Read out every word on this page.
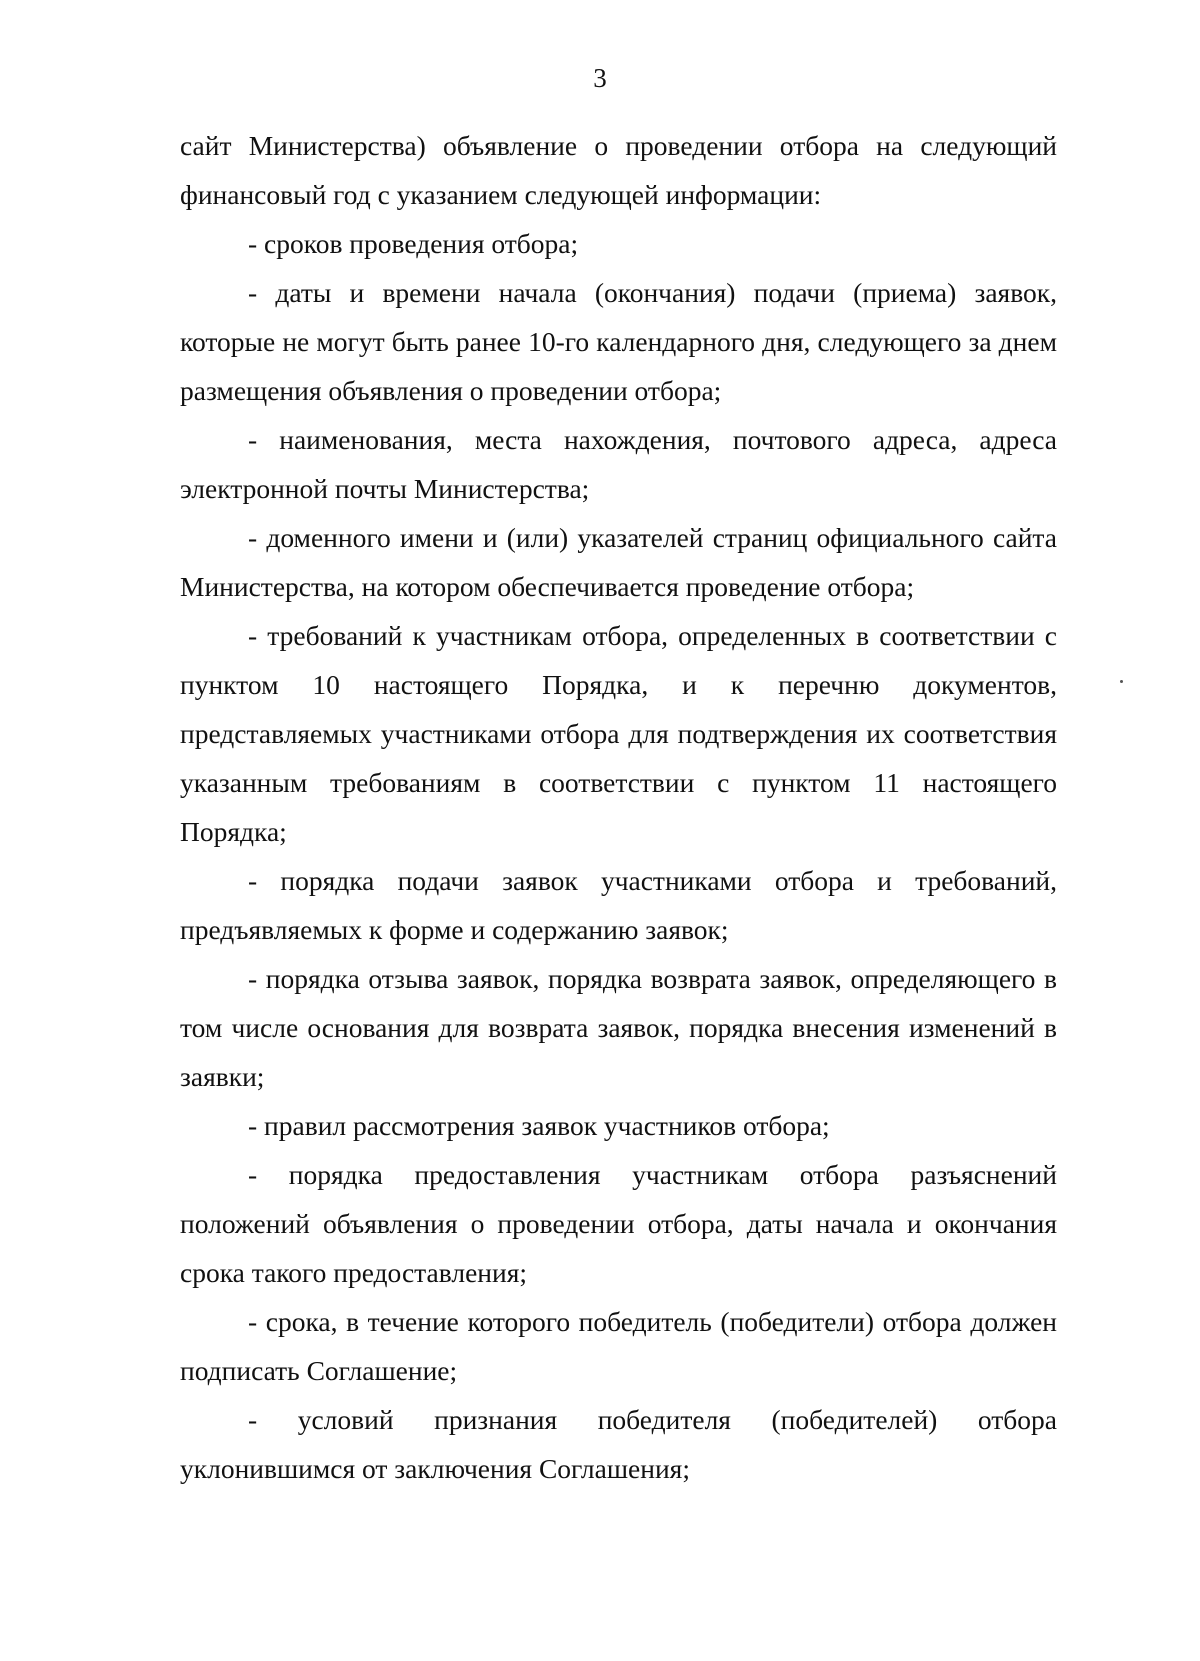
3

сайт Министерства) объявление о проведении отбора на следующий финансовый год с указанием следующей информации:

- сроков проведения отбора;

- даты и времени начала (окончания) подачи (приема) заявок, которые не могут быть ранее 10-го календарного дня, следующего за днем размещения объявления о проведении отбора;

- наименования, места нахождения, почтового адреса, адреса электронной почты Министерства;

- доменного имени и (или) указателей страниц официального сайта Министерства, на котором обеспечивается проведение отбора;

- требований к участникам отбора, определенных в соответствии с пунктом 10 настоящего Порядка, и к перечню документов, представляемых участниками отбора для подтверждения их соответствия указанным требованиям в соответствии с пунктом 11 настоящего Порядка;

- порядка подачи заявок участниками отбора и требований, предъявляемых к форме и содержанию заявок;

- порядка отзыва заявок, порядка возврата заявок, определяющего в том числе основания для возврата заявок, порядка внесения изменений в заявки;

- правил рассмотрения заявок участников отбора;

- порядка предоставления участникам отбора разъяснений положений объявления о проведении отбора, даты начала и окончания срока такого предоставления;

- срока, в течение которого победитель (победители) отбора должен подписать Соглашение;

- условий признания победителя (победителей) отбора уклонившимся от заключения Соглашения;
